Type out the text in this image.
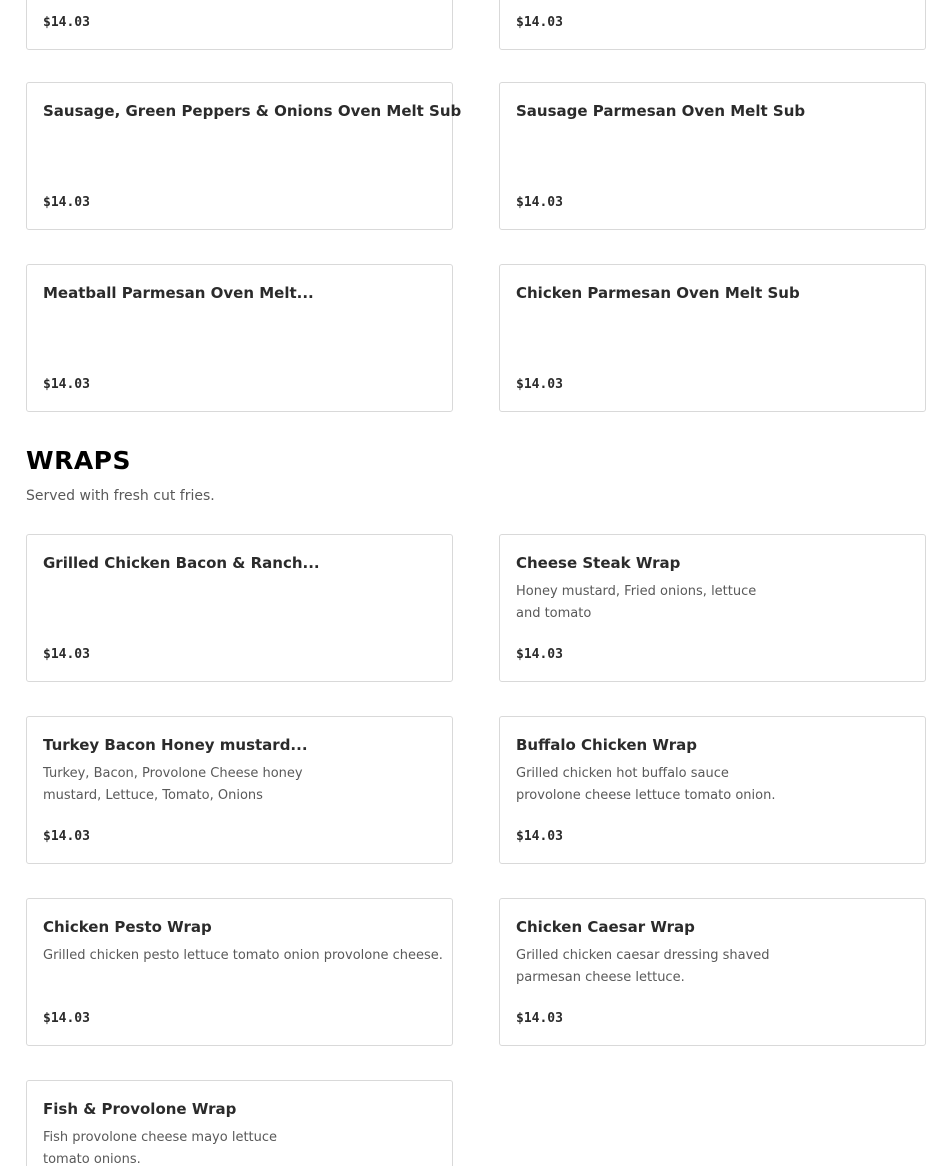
$14.03	$14.03
Sausage, Green Peppers & Onions Oven Melt Sub
$14.03
Sausage Parmesan Oven Melt Sub
$14.03
Meatball Parmesan Oven Melt...
$14.03
Chicken Parmesan Oven Melt Sub
$14.03
WRAPS
Served with fresh cut fries.
Grilled Chicken Bacon & Ranch...
$14.03
Cheese Steak Wrap
Honey mustard, Fried onions, lettuce and tomato
$14.03
Turkey Bacon Honey mustard...
Turkey, Bacon, Provolone Cheese honey mustard, Lettuce, Tomato, Onions
$14.03
Buffalo Chicken Wrap
Grilled chicken hot buffalo sauce provolone cheese lettuce tomato onion.
$14.03
Chicken Pesto Wrap
Grilled chicken pesto lettuce tomato onion provolone cheese.
$14.03
Chicken Caesar Wrap
Grilled chicken caesar dressing shaved parmesan cheese lettuce.
$14.03
Fish & Provolone Wrap
Fish provolone cheese mayo lettuce tomato onions.
